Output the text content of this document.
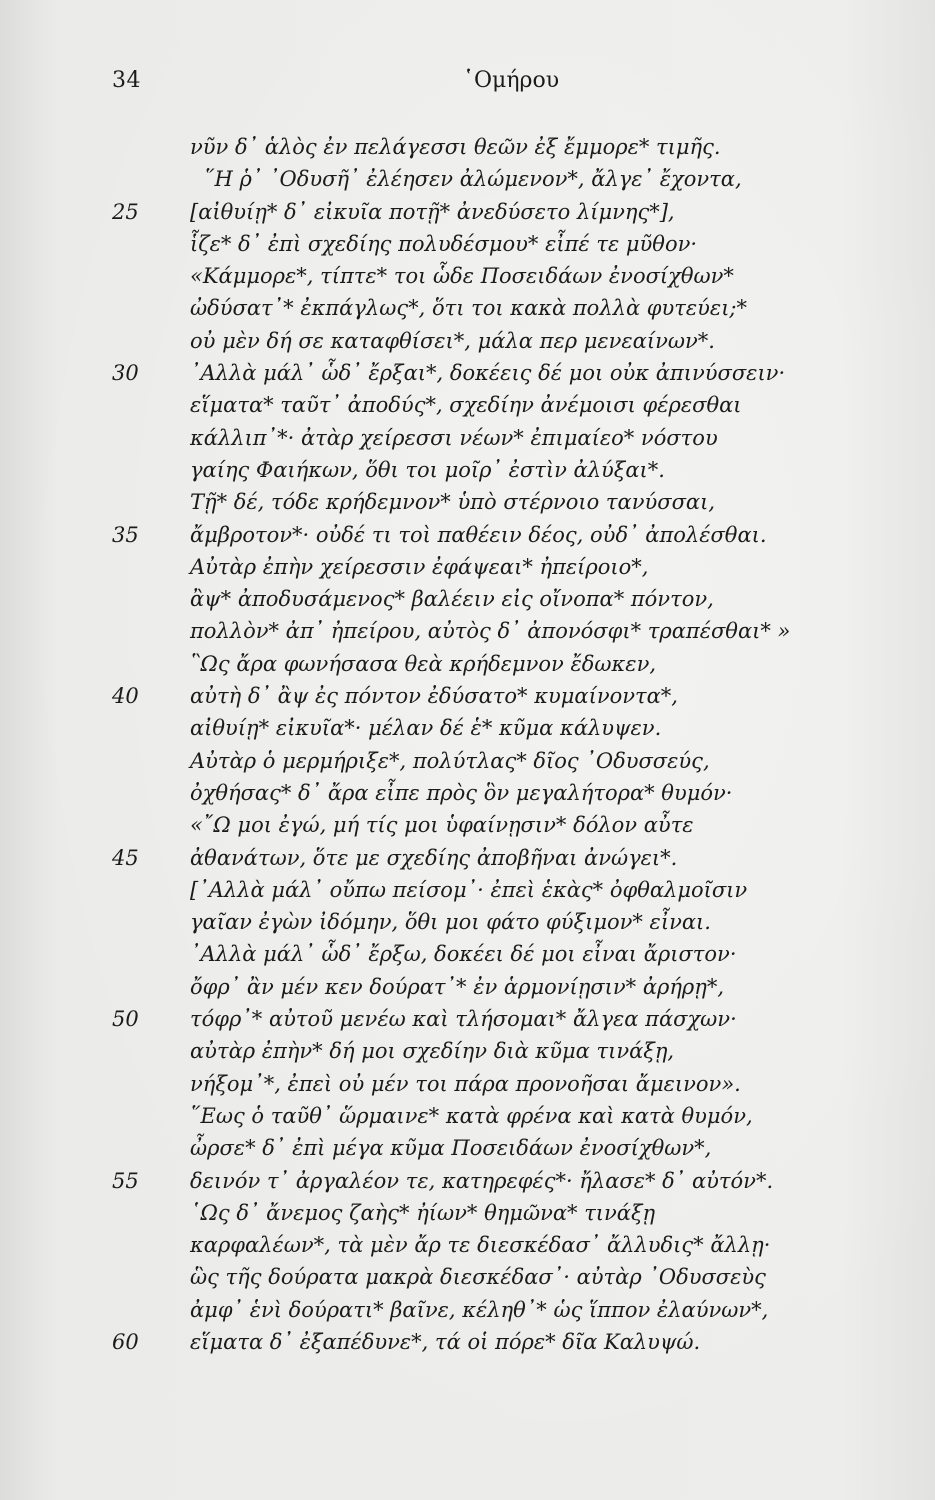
34	῾Ομήρου
νῦν δ᾽ ἁλὸς ἐν πελάγεσσι θεῶν ἐξ ἔμμορε* τιμῆς.
῞Η ῥ᾽ ᾿Οδυσῆ᾽ ἐλέησεν ἀλώμενον*, ἄλγε᾽ ἔχοντα,
25 [αἰθυίῃ* δ᾽ εἰκυῖα ποτῇ* ἀνεδύσετο λίμνης*],
ἷζε* δ᾽ ἐπὶ σχεδίης πολυδέσμου* εἶπέ τε μῦθον·
«Κάμμορε*, τίπτε* τοι ὧδε Ποσειδάων ἐνοσίχθων*
ὠδύσατ᾽* ἐκπάγλως*, ὅτι τοι κακὰ πολλὰ φυτεύει;*
οὐ μὲν δή σε καταφθίσει*, μάλα περ μενεαίνων*.
30 ᾿Αλλὰ μάλ᾽ ὧδ᾽ ἔρξαι*, δοκέεις δέ μοι οὐκ ἀπινύσσειν·
εἵματα* ταῦτ᾽ ἀποδύς*, σχεδίην ἀνέμοισι φέρεσθαι
κάλλιπ᾽*· ἀτὰρ χείρεσσι νέων* ἐπιμαίεο* νόστου
γαίης Φαιήκων, ὅθι τοι μοῖρ᾽ ἐστὶν ἀλύξαι*.
Τῇ* δέ, τόδε κρήδεμνον* ὑπὸ στέρνοιο τανύσσαι,
35 ἄμβροτον*· οὐδέ τι τοὶ παθέειν δέος, οὐδ᾽ ἀπολέσθαι.
Αὐτὰρ ἐπὴν χείρεσσιν ἐφάψεαι* ἠπείροιο*,
ἂψ* ἀποδυσάμενος* βαλέειν εἰς οἴνοπα* πόντον,
πολλὸν* ἀπ᾽ ἠπείρου, αὐτὸς δ᾽ ἀπονόσφι* τραπέσθαι* »
῝Ως ἄρα φωνήσασα θεὰ κρήδεμνον ἔδωκεν,
40 αὐτὴ δ᾽ ἂψ ἐς πόντον ἐδύσατο* κυμαίνοντα*,
αἰθυίῃ* εἰκυῖα*· μέλαν δέ ἑ* κῦμα κάλυψεν.
Αὐτὰρ ὁ μερμήριξε*, πολύτλας* δῖος ᾿Οδυσσεύς,
ὀχθήσας* δ᾽ ἄρα εἶπε πρὸς ὃν μεγαλήτορα* θυμόν·
«῎Ω μοι ἐγώ, μή τίς μοι ὑφαίνῃσιν* δόλον αὖτε
45 ἀθανάτων, ὅτε με σχεδίης ἀποβῆναι ἀνώγει*.
[᾿Αλλὰ μάλ᾽ οὔπω πείσομ᾽· ἐπεὶ ἑκὰς* ὀφθαλμοῖσιν
γαῖαν ἐγὼν ἰδόμην, ὅθι μοι φάτο φύξιμον* εἶναι.
᾿Αλλὰ μάλ᾽ ὧδ᾽ ἔρξω, δοκέει δέ μοι εἶναι ἄριστον·
ὄφρ᾽ ἂν μέν κεν δούρατ᾽* ἐν ἁρμονίῃσιν* ἀρήρῃ*,
50 τόφρ᾽* αὐτοῦ μενέω καὶ τλήσομαι* ἄλγεα πάσχων·
αὐτὰρ ἐπὴν* δή μοι σχεδίην διὰ κῦμα τινάξῃ,
νήξομ᾽*, ἐπεὶ οὐ μέν τοι πάρα προνοῆσαι ἄμεινον».
῞Εως ὁ ταῦθ᾽ ὥρμαινε* κατὰ φρένα καὶ κατὰ θυμόν,
ὦρσε* δ᾽ ἐπὶ μέγα κῦμα Ποσειδάων ἐνοσίχθων*,
55 δεινόν τ᾽ ἀργαλέον τε, κατηρεφές*· ἤλασε* δ᾽ αὐτόν*.
῾Ως δ᾽ ἄνεμος ζαὴς* ἠίων* θημῶνα* τινάξῃ
καρφαλέων*, τὰ μὲν ἄρ τε διεσκέδασ᾽ ἄλλυδις* ἄλλῃ·
ὣς τῆς δούρατα μακρὰ διεσκέδασ᾽· αὐτὰρ ᾿Οδυσσεὺς
ἀμφ᾽ ἑνὶ δούρατι* βαῖνε, κέληθ᾽* ὡς ἵππον ἐλαύνων*,
60 εἵματα δ᾽ ἐξαπέδυνε*, τά οἱ πόρε* δῖα Καλυψώ.
